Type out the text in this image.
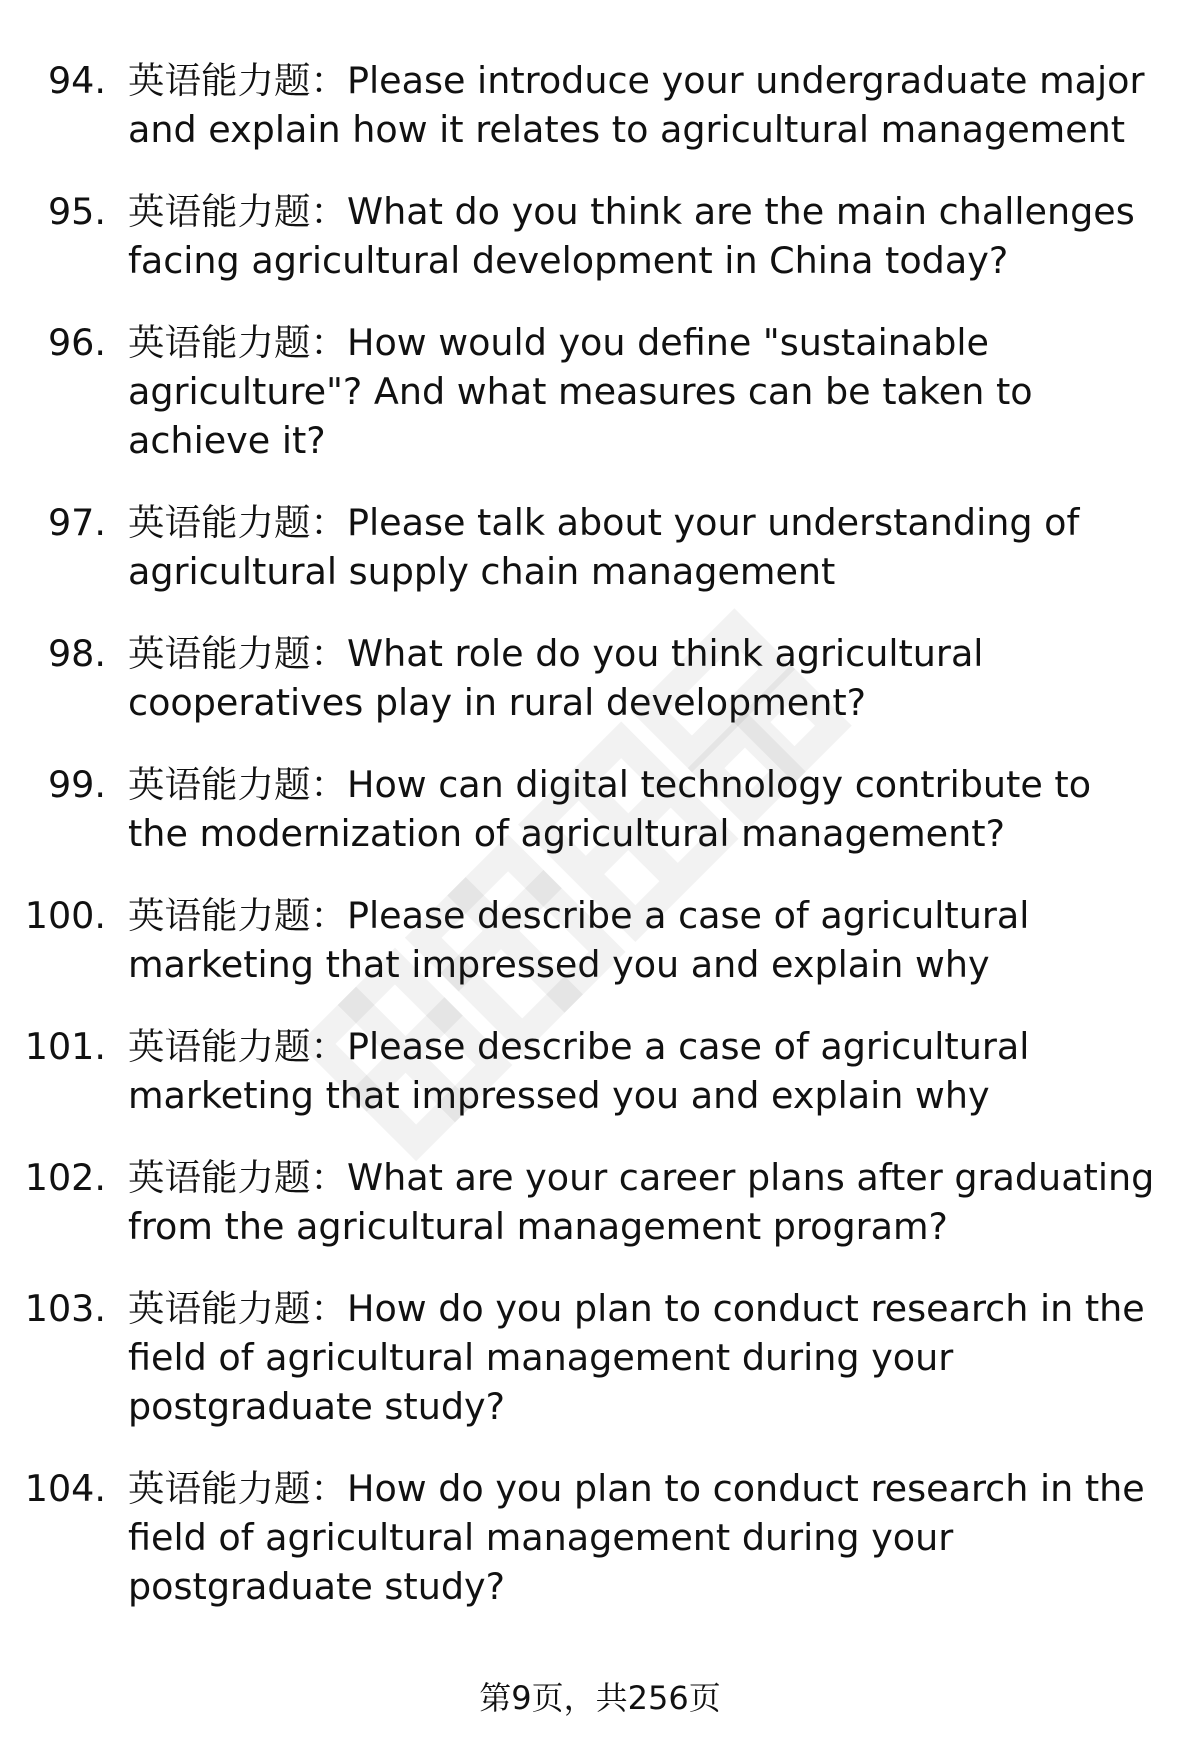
94. 英语能力题：Please introduce your undergraduate major and explain how it relates to agricultural management
95. 英语能力题：What do you think are the main challenges facing agricultural development in China today?
96. 英语能力题：How would you define "sustainable agriculture"? And what measures can be taken to achieve it?
97. 英语能力题：Please talk about your understanding of agricultural supply chain management
98. 英语能力题：What role do you think agricultural cooperatives play in rural development?
99. 英语能力题：How can digital technology contribute to the modernization of agricultural management?
100. 英语能力题：Please describe a case of agricultural marketing that impressed you and explain why
101. 英语能力题：Please describe a case of agricultural marketing that impressed you and explain why
102. 英语能力题：What are your career plans after graduating from the agricultural management program?
103. 英语能力题：How do you plan to conduct research in the field of agricultural management during your postgraduate study?
104. 英语能力题：How do you plan to conduct research in the field of agricultural management during your postgraduate study?
第9页，共256页
